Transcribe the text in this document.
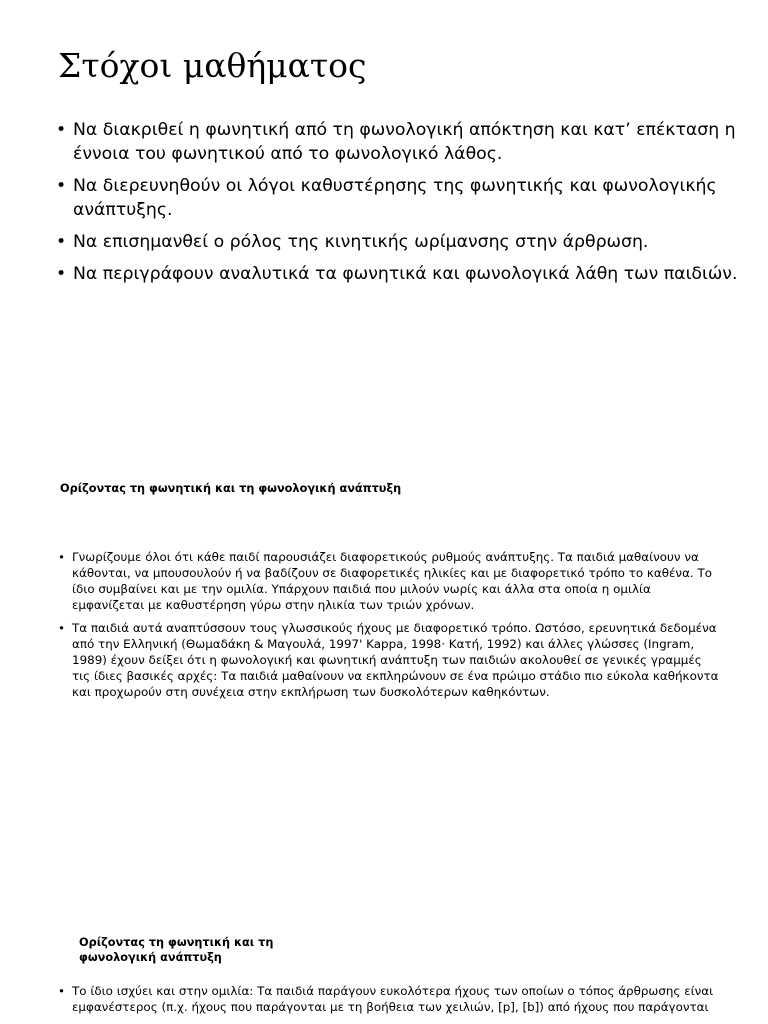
Στόχοι μαθήματος
• Να διακριθεί η φωνητική από τη φωνολογική απόκτηση και κατ’ επέκταση η έννοια του φωνητικού από το φωνολογικό λάθος.
• Να διερευνηθούν οι λόγοι καθυστέρησης της φωνητικής και φωνολογικής ανάπτυξης.
• Να επισημανθεί ο ρόλος της κινητικής ωρίμανσης στην άρθρωση.
• Να περιγράφουν αναλυτικά τα φωνητικά και φωνολογικά λάθη των παιδιών.
Ορίζοντας τη φωνητική και τη φωνολογική ανάπτυξη
• Γνωρίζουμε όλοι ότι κάθε παιδί παρουσιάζει διαφορετικούς ρυθμούς ανάπτυξης. Τα παιδιά μαθαίνουν να κάθονται, να μπουσουλούν ή να βαδίζουν σε διαφορετικές ηλικίες και με διαφορετικό τρόπο το καθένα. Το ίδιο συμβαίνει και με την ομιλία. Υπάρχουν παιδιά που μιλούν νωρίς και άλλα στα οποία η ομιλία εμφανίζεται με καθυστέρηση γύρω στην ηλικία των τριών χρόνων.
• Τα παιδιά αυτά αναπτύσσουν τους γλωσσικούς ήχους με διαφορετικό τρόπο. Ωστόσο, ερευνητικά δεδομένα από την Ελληνική (Θωμαδάκη & Μαγουλά, 1997' Kappa, 1998· Κατή, 1992) και άλλες γλώσσες (Ingram, 1989) έχουν δείξει ότι η φωνολογική και φωνητική ανάπτυξη των παιδιών ακολουθεί σε γενικές γραμμές τις ίδιες βασικές αρχές: Τα παιδιά μαθαίνουν να εκπληρώνουν σε ένα πρώιμο στάδιο πιο εύκολα καθήκοντα και προχωρούν στη συνέχεια στην εκπλήρωση των δυσκολότερων καθηκόντων.
Ορίζοντας τη φωνητική και τη φωνολογική ανάπτυξη
• Το ίδιο ισχύει και στην ομιλία: Τα παιδιά παράγουν ευκολότερα ήχους των οποίων ο τόπος άρθρωσης είναι εμφανέστερος (π.χ. ήχους που παράγονται με τη βοήθεια των χειλιών, [p], [b]) από ήχους που παράγονται
